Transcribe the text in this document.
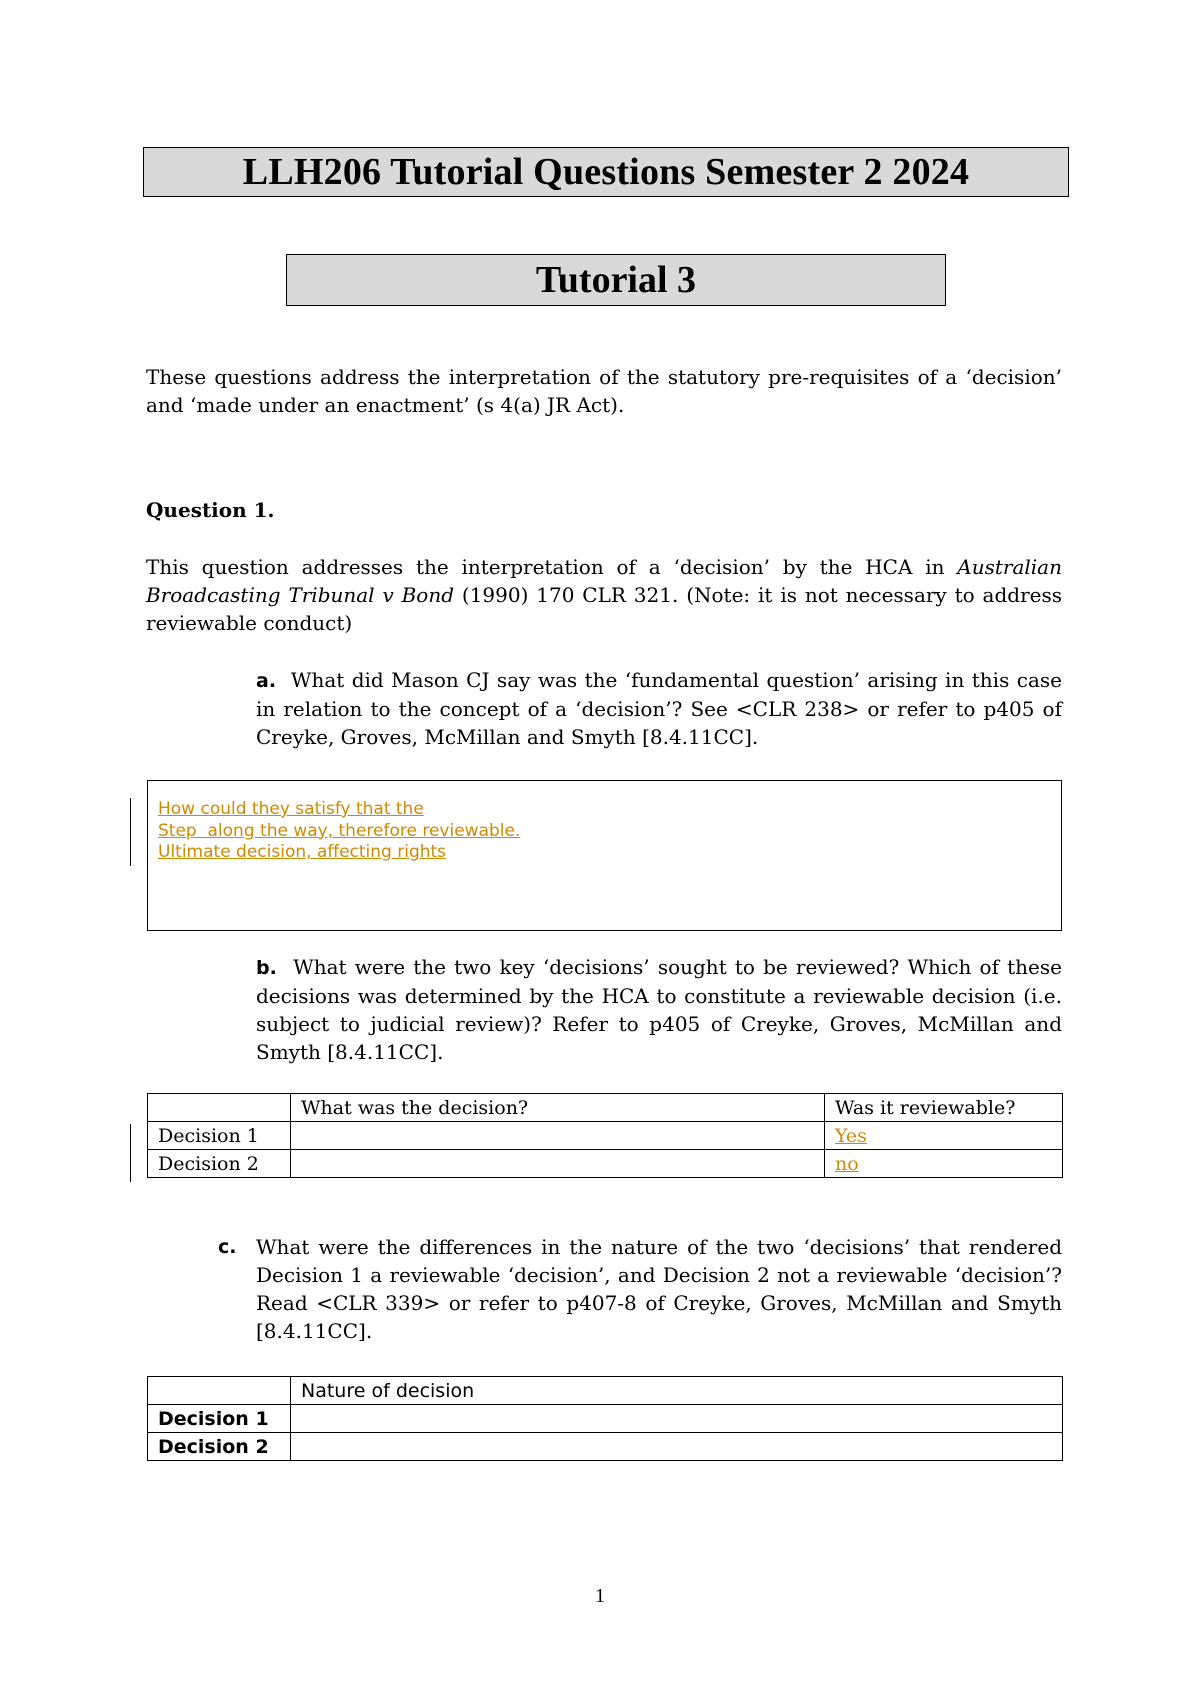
LLH206 Tutorial Questions Semester 2 2024
Tutorial 3
These questions address the interpretation of the statutory pre-requisites of a ‘decision’ and ‘made under an enactment’ (s 4(a) JR Act).
Question 1.
This question addresses the interpretation of a ‘decision’ by the HCA in Australian Broadcasting Tribunal v Bond (1990) 170 CLR 321. (Note: it is not necessary to address reviewable conduct)
a. What did Mason CJ say was the ‘fundamental question’ arising in this case in relation to the concept of a ‘decision’? See <CLR 238> or refer to p405 of Creyke, Groves, McMillan and Smyth [8.4.11CC].
How could they satisfy that the
Step  along the way, therefore reviewable.
Ultimate decision, affecting rights
b. What were the two key ‘decisions’ sought to be reviewed? Which of these decisions was determined by the HCA to constitute a reviewable decision (i.e. subject to judicial review)? Refer to p405 of Creyke, Groves, McMillan and Smyth [8.4.11CC].
	What was the decision?	Was it reviewable?
Decision 1		Yes
Decision 2		no
c. What were the differences in the nature of the two ‘decisions’ that rendered Decision 1 a reviewable ‘decision’, and Decision 2 not a reviewable ‘decision’? Read <CLR 339> or refer to p407-8 of Creyke, Groves, McMillan and Smyth [8.4.11CC].
	Nature of decision
Decision 1	
Decision 2	
1
